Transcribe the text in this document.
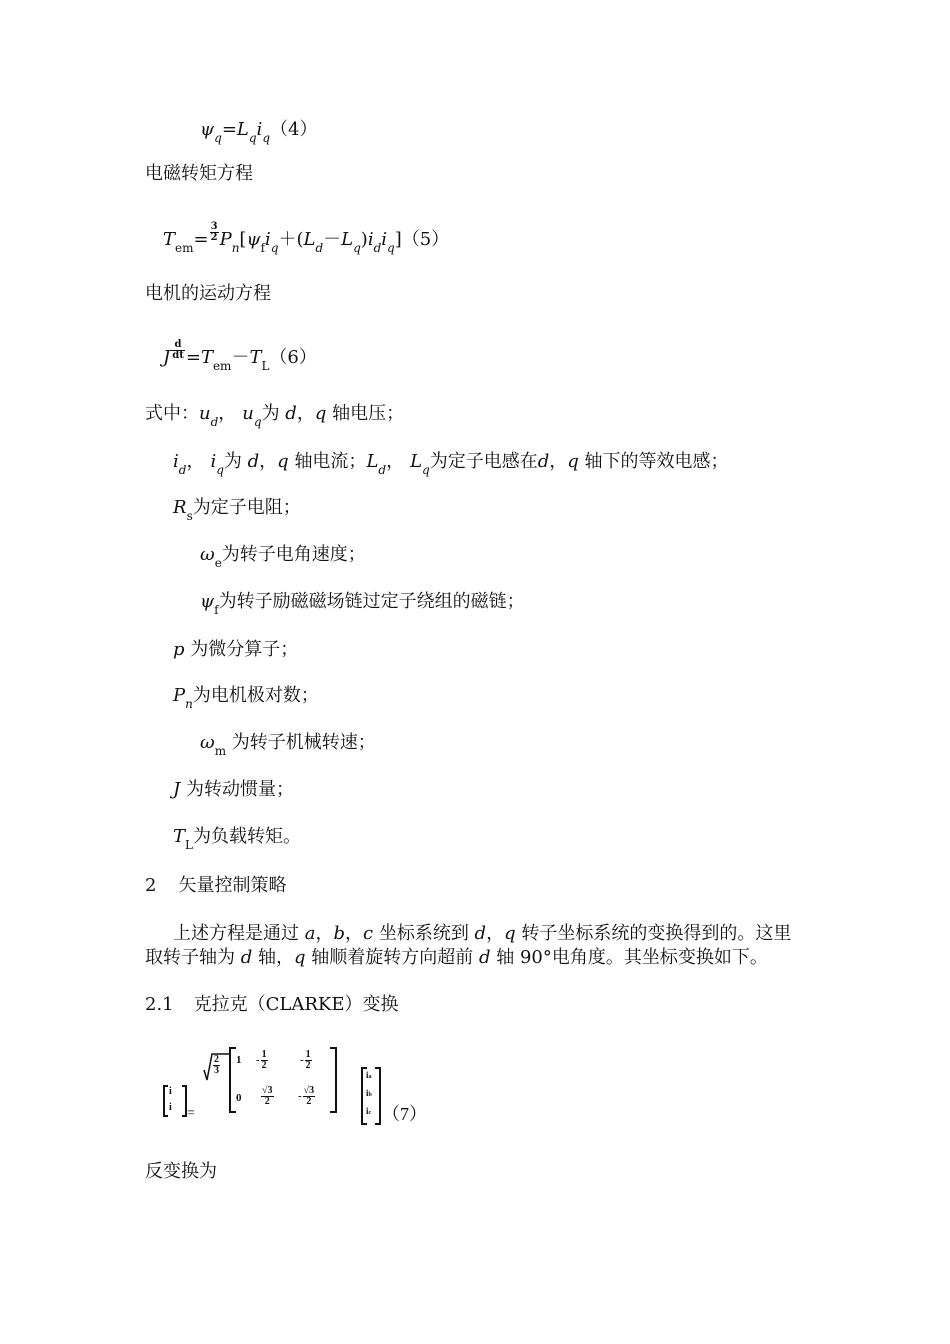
$\psi_q=L_qi_q(4)$
电磁转矩方程
$T_{em}= \frac{3}{2} P_n[\psi_fi_q+(L_d-L_q)i_di_q](5)$
电机的运动方程
J $\frac{d}{dt} =T_{em}-T_L(6)$
式中：$u_d$， $u_q$为 d，q 轴电压；
$i_d$， $i_q$为 d，q 轴电流；$L_d$， $L_q$为定子电感在d，q 轴下的等效电感；
$R_s$为定子电阻；
$\omega_e$为转子电角速度；
$\psi_f$为转子励磁磁场链过定子绕组的磁链；
p 为微分算子；
$P_n$为电机极对数；
$\omega_m$ 为转子机械转速；
J 为转动惯量；
$T_L$为负载转矩。
2 矢量控制策略
上述方程是通过 a，b，c 坐标系统到 d，q 转子坐标系统的变换得到的。这里
取转子轴为 d 轴，q 轴顺着旋转方向超前 d 轴 90°电角度。其坐标变换如下。
2.1 克拉克（CLARKE）变换
i
i =
$\frac{2}{3} 1 - \frac{1}{2}$	- $\frac{1}{2}$
$0 \frac{√3}{2} - \frac{√3}{2}$
ia
ib
ic （7）
反变换为
